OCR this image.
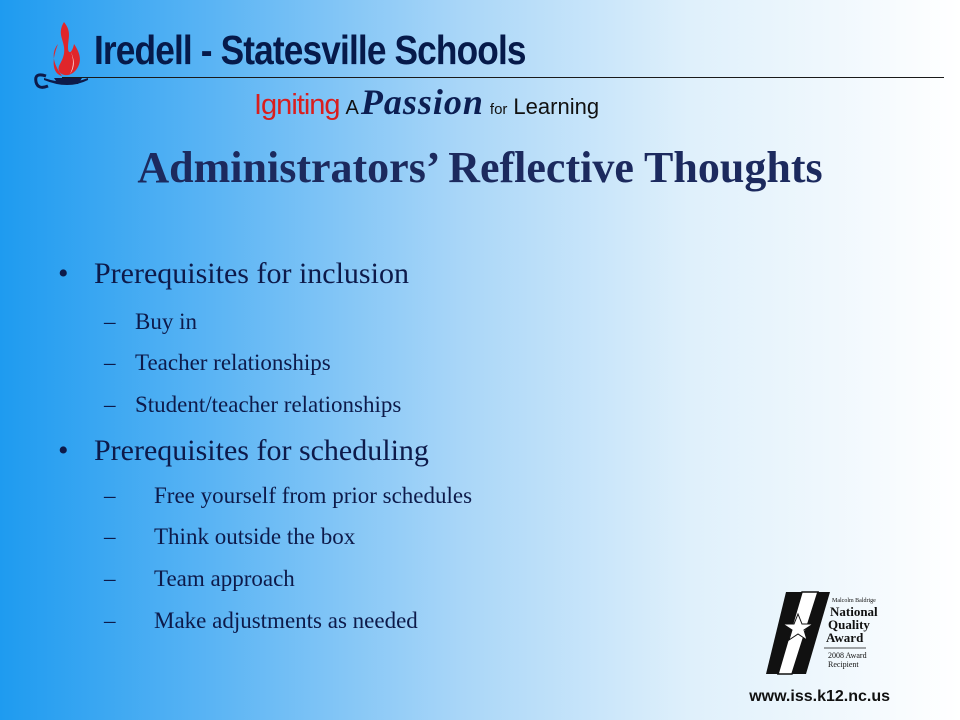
Iredell - Statesville Schools
Igniting APassion for Learning
Administrators’ Reflective Thoughts
• Prerequisites for inclusion
– Buy in
– Teacher relationships
– Student/teacher relationships
• Prerequisites for scheduling
– Free yourself from prior schedules
– Think outside the box
– Team approach
– Make adjustments as needed
Malcolm Baldrige
National
Quality
Award
2008 Award
Recipient
www.iss.k12.nc.us
